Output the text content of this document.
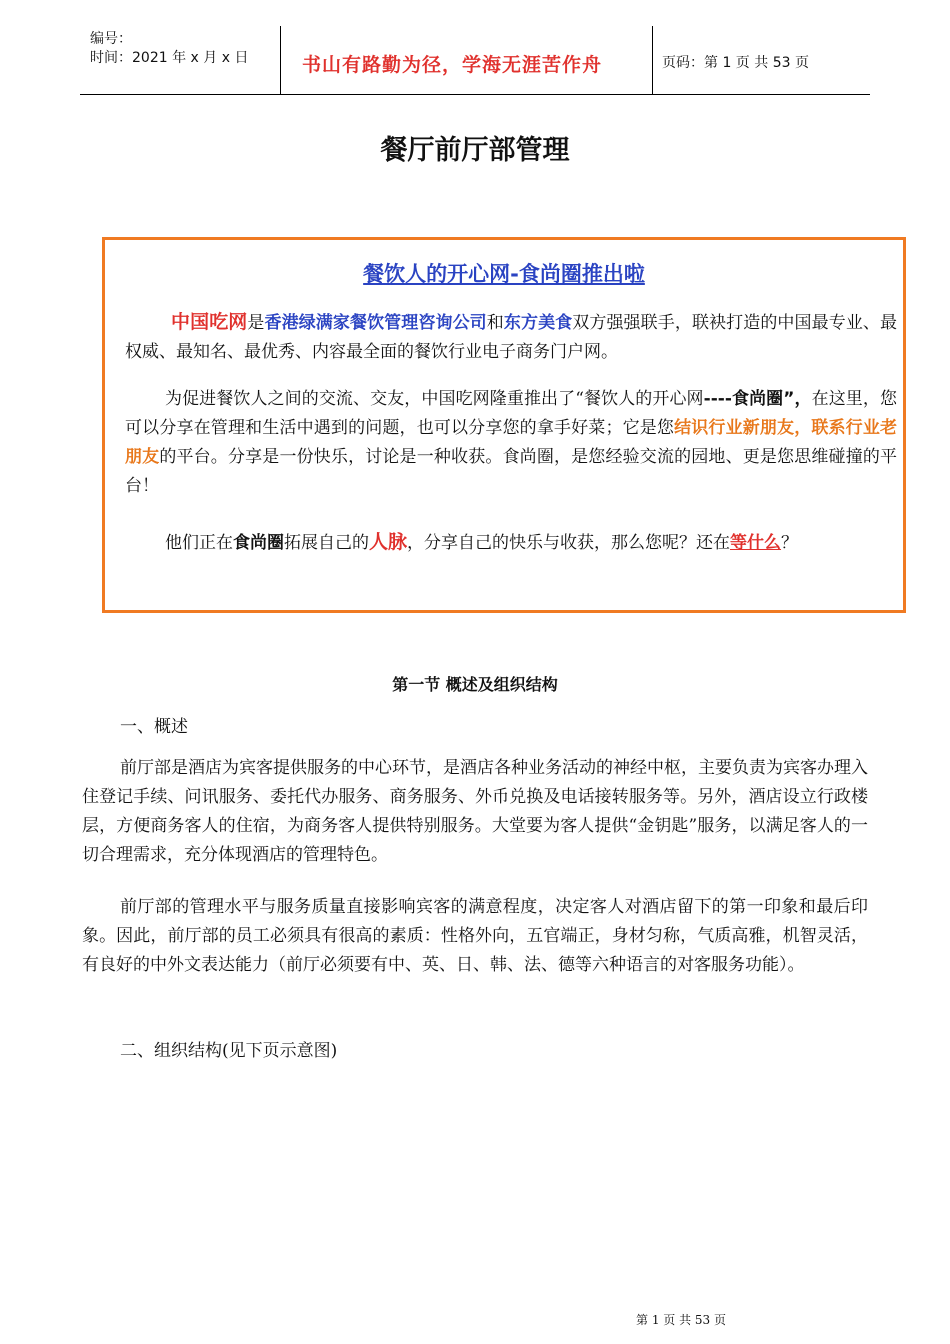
编号：
时间：2021 年 x 月 x 日	书山有路勤为径，学海无涯苦作舟	页码：第 1 页 共 53 页
餐厅前厅部管理
餐饮人的开心网-食尚圈推出啦
中国吃网是香港绿满家餐饮管理咨询公司和东方美食双方强强联手，联袂打造的中国最专业、最权威、最知名、最优秀、内容最全面的餐饮行业电子商务门户网。
为促进餐饮人之间的交流、交友，中国吃网隆重推出了“餐饮人的开心网----食尚圈”，在这里，您可以分享在管理和生活中遇到的问题，也可以分享您的拿手好菜；它是您结识行业新朋友，联系行业老朋友的平台。分享是一份快乐，讨论是一种收获。食尚圈，是您经验交流的园地、更是您思维碰撞的平台！
他们正在食尚圈拓展自己的人脉，分享自己的快乐与收获，那么您呢？还在等什么？
第一节 概述及组织结构
一、概述
前厅部是酒店为宾客提供服务的中心环节，是酒店各种业务活动的神经中枢，主要负责为宾客办理入住登记手续、问讯服务、委托代办服务、商务服务、外币兑换及电话接转服务等。另外，酒店设立行政楼层，方便商务客人的住宿，为商务客人提供特别服务。大堂要为客人提供“金钥匙”服务，以满足客人的一切合理需求，充分体现酒店的管理特色。
前厅部的管理水平与服务质量直接影响宾客的满意程度，决定客人对酒店留下的第一印象和最后印象。因此，前厅部的员工必须具有很高的素质：性格外向，五官端正，身材匀称，气质高雅，机智灵活，有良好的中外文表达能力（前厅必须要有中、英、日、韩、法、德等六种语言的对客服务功能）。
二、组织结构(见下页示意图)
第 1 页 共 53 页
